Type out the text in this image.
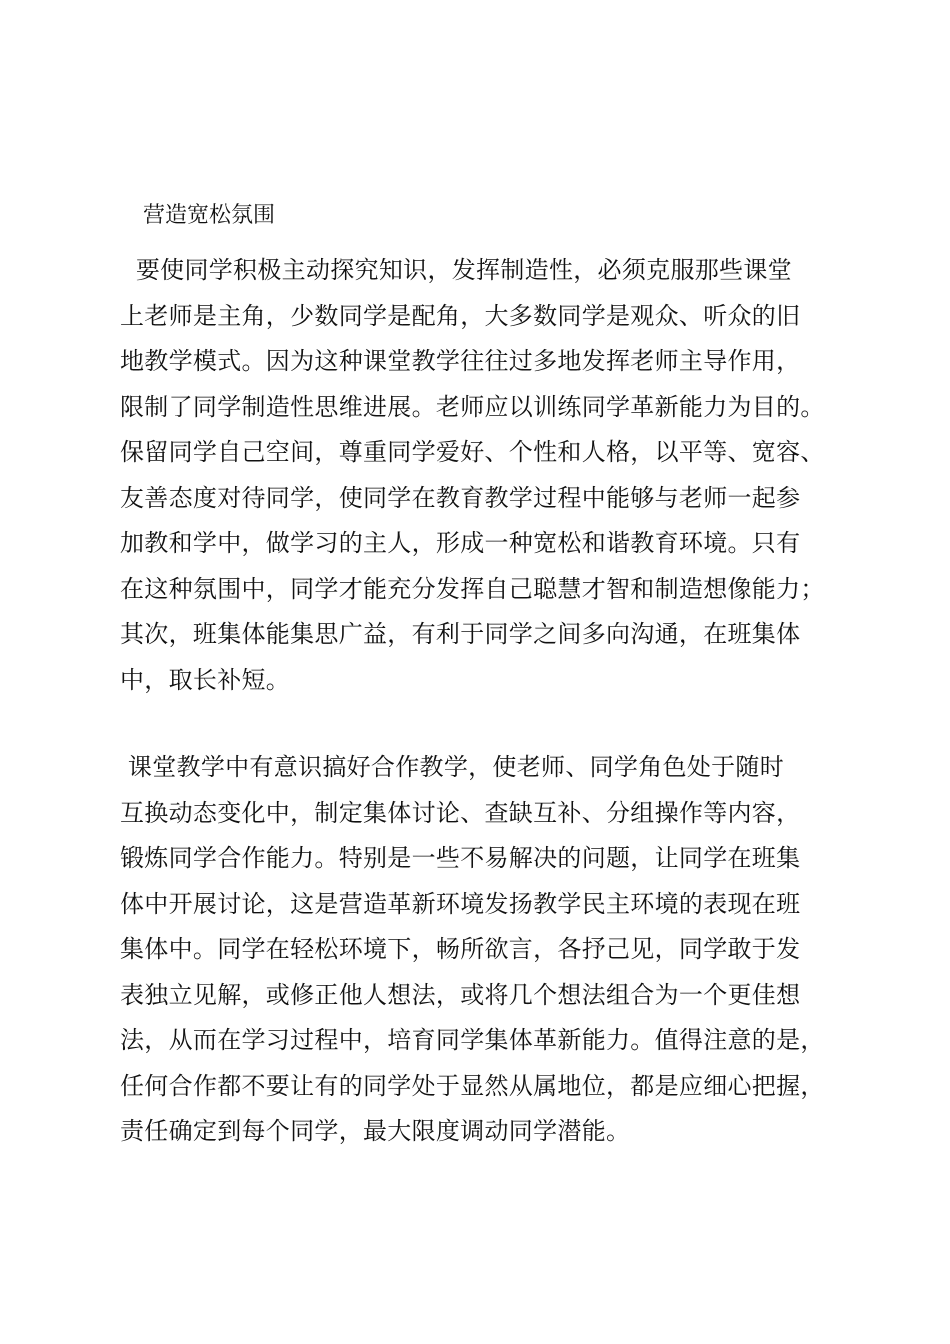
营造宽松氛围
要使同学积极主动探究知识，发挥制造性，必须克服那些课堂
上老师是主角，少数同学是配角，大多数同学是观众、听众的旧
地教学模式。因为这种课堂教学往往过多地发挥老师主导作用，
限制了同学制造性思维进展。老师应以训练同学革新能力为目的。
保留同学自己空间，尊重同学爱好、个性和人格，以平等、宽容、
友善态度对待同学，使同学在教育教学过程中能够与老师一起参
加教和学中，做学习的主人，形成一种宽松和谐教育环境。只有
在这种氛围中，同学才能充分发挥自己聪慧才智和制造想像能力；
其次，班集体能集思广益，有利于同学之间多向沟通，在班集体
中，取长补短。
课堂教学中有意识搞好合作教学，使老师、同学角色处于随时
互换动态变化中，制定集体讨论、查缺互补、分组操作等内容，
锻炼同学合作能力。特别是一些不易解决的问题，让同学在班集
体中开展讨论，这是营造革新环境发扬教学民主环境的表现在班
集体中。同学在轻松环境下，畅所欲言，各抒己见，同学敢于发
表独立见解，或修正他人想法，或将几个想法组合为一个更佳想
法，从而在学习过程中，培育同学集体革新能力。值得注意的是，
任何合作都不要让有的同学处于显然从属地位，都是应细心把握，
责任确定到每个同学，最大限度调动同学潜能。
